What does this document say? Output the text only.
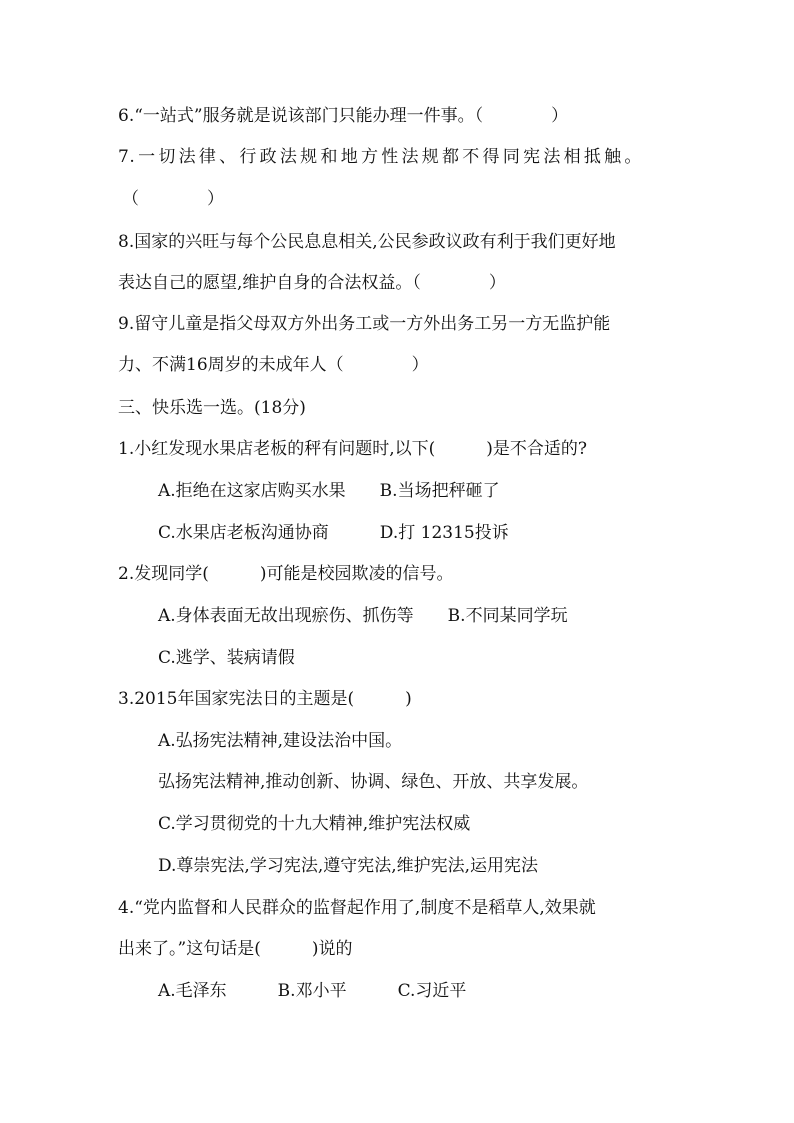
6.“一站式”服务就是说该部门只能办理一件事。（　　　　）
7.一切法律、行政法规和地方性法规都不得同宪法相抵触。
（　　　　）
8.国家的兴旺与每个公民息息相关,公民参政议政有利于我们更好地
表达自己的愿望,维护自身的合法权益。（　　　　）
9.留守儿童是指父母双方外出务工或一方外出务工另一方无监护能
力、不满16周岁的未成年人（　　　　）
三、快乐选一选。(18分)
1.小红发现水果店老板的秤有问题时,以下(　　　)是不合适的?
A.拒绝在这家店购买水果　　B.当场把秤砸了
C.水果店老板沟通协商　　　D.打 12315投诉
2.发现同学(　　　)可能是校园欺凌的信号。
A.身体表面无故出现瘀伤、抓伤等　　B.不同某同学玩
C.逃学、装病请假
3.2015年国家宪法日的主题是(　　　)
A.弘扬宪法精神,建设法治中国。
弘扬宪法精神,推动创新、协调、绿色、开放、共享发展。
C.学习贯彻党的十九大精神,维护宪法权威
D.尊崇宪法,学习宪法,遵守宪法,维护宪法,运用宪法
4.“党内监督和人民群众的监督起作用了,制度不是稻草人,效果就
出来了。”这句话是(　　　)说的
A.毛泽东　　　B.邓小平　　　C.习近平
